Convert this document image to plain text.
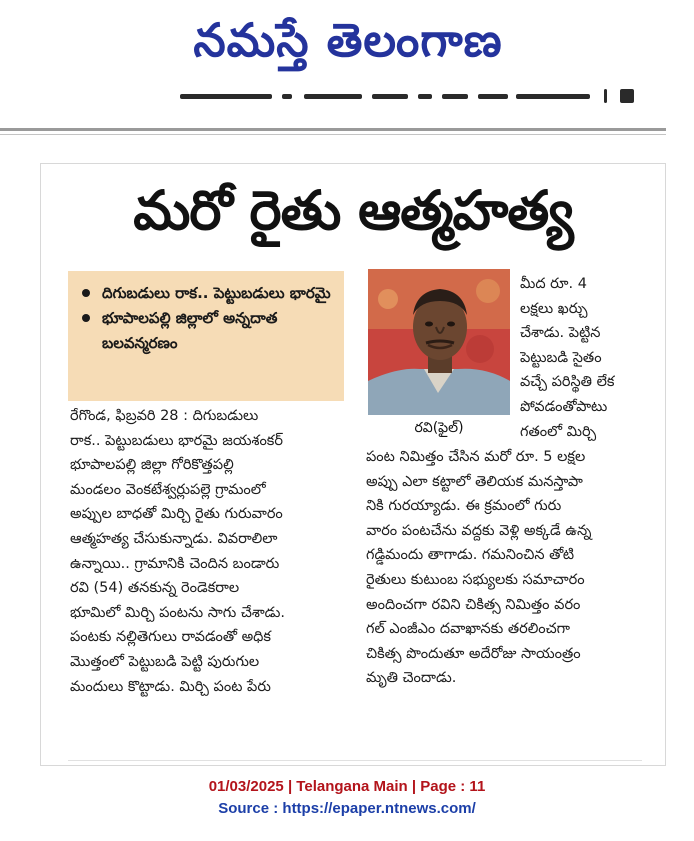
నమస్తే తెలంగాణ
మరో రైతు ఆత్మహత్య
దిగుబడులు రాక.. పెట్టుబడులు భారమై
భూపాలపల్లి జిల్లాలో అన్నదాత బలవన్మరణం
రవి(ఫైల్)
మీద రూ. 4
లక్షలు ఖర్చు
చేశాడు. పెట్టిన
పెట్టుబడి సైతం
వచ్చే పరిస్థితి లేక
పోవడంతోపాటు
గతంలో మిర్చి
రేగొండ, ఫిబ్రవరి 28 : దిగుబడులు
రాక.. పెట్టుబడులు భారమై జయశంకర్
భూపాలపల్లి జిల్లా గోరికొత్తపల్లి
మండలం వెంకటేశ్వర్లుపల్లె గ్రామంలో
అప్పుల బాధతో మిర్చి రైతు గురువారం
ఆత్మహత్య చేసుకున్నాడు. వివరాలిలా
ఉన్నాయి.. గ్రామానికి చెందిన బండారు
రవి (54) తనకున్న రెండెకరాల
భూమిలో మిర్చి పంటను సాగు చేశాడు.
పంటకు నల్లితెగులు రావడంతో అధిక
మొత్తంలో పెట్టుబడి పెట్టి పురుగుల
మందులు కొట్టాడు. మిర్చి పంట పేరు
పంట నిమిత్తం చేసిన మరో రూ. 5 లక్షల
అప్పు ఎలా కట్టాలో తెలియక మనస్తాపా
నికి గురయ్యాడు. ఈ క్రమంలో గురు
వారం పంటచేను వద్దకు వెళ్లి అక్కడే ఉన్న
గడ్డిమందు తాగాడు. గమనించిన తోటి
రైతులు కుటుంబ సభ్యులకు సమాచారం
అందించగా రవిని చికిత్స నిమిత్తం వరం
గల్ ఎంజీఎం దవాఖానకు తరలించగా
చికిత్స పొందుతూ అదేరోజు సాయంత్రం
మృతి చెందాడు.
01/03/2025 | Telangana Main | Page : 11
Source : https://epaper.ntnews.com/
